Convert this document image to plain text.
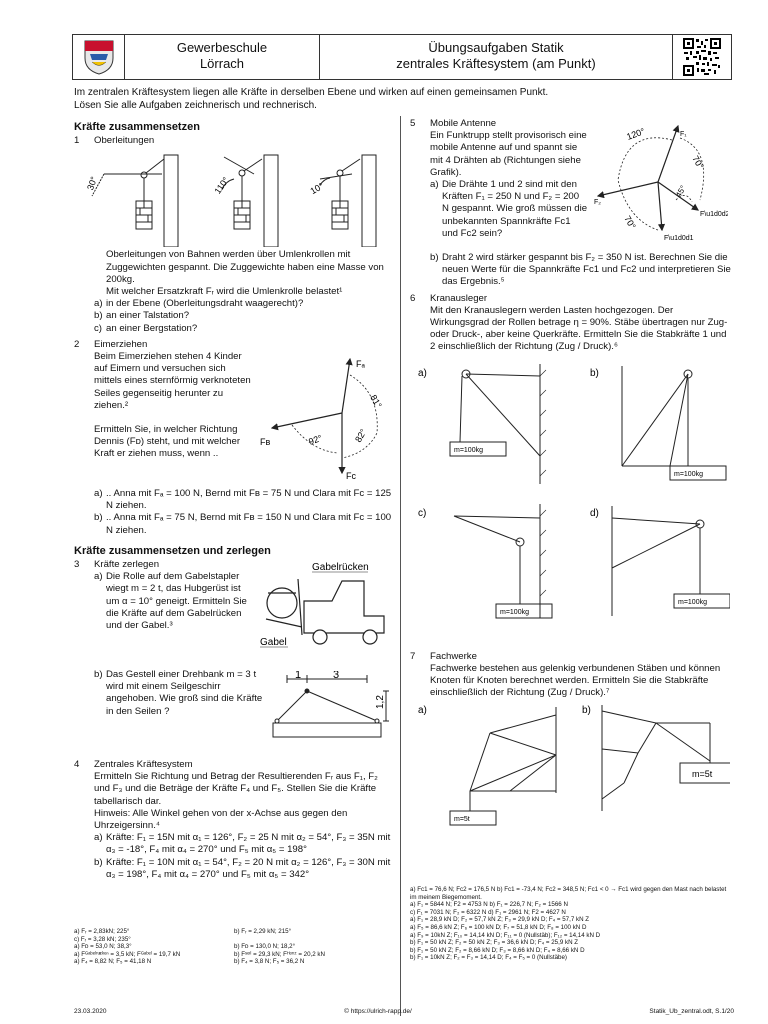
Gewerbeschule
Lörrach
Übungsaufgaben Statik
zentrales Kräftesystem (am Punkt)
Im zentralen Kräftesystem liegen alle Kräfte in derselben Ebene und wirken auf einen gemeinsamen Punkt.
Lösen Sie alle Aufgaben zeichnerisch und rechnerisch.
Kräfte zusammensetzen
1 Oberleitungen
30°	110°	10°
Oberleitungen von Bahnen werden über Umlenkrollen mit Zuggewichten gespannt. Die Zuggewichte haben eine Masse von 200kg.
Mit welcher Ersatzkraft Fᵣ wird die Umlenkrolle belastet¹
a) in der Ebene (Oberleitungsdraht waagerecht)?
b) an einer Talstation?
c) an einer Bergstation?
2 Eimerziehen
Beim Eimerziehen stehen 4 Kinder auf Eimern und versuchen sich mittels eines sternförmig verknoteten Seiles gegenseitig herunter zu ziehen.²
Ermitteln Sie, in welcher Richtung Dennis (Fᴅ) steht, und mit welcher Kraft er ziehen muss, wenn ..
Fₐ
Fʙ
Fᴄ
81°
92°	82°
a) .. Anna mit Fₐ = 100 N, Bernd mit Fʙ = 75 N und Clara mit Fᴄ = 125 N ziehen.
b) .. Anna mit Fₐ = 75 N, Bernd mit Fʙ = 150 N und Clara mit Fᴄ = 100 N ziehen.
Kräfte zusammensetzen und zerlegen
3 Kräfte zerlegen
a) Die Rolle auf dem Gabelstapler wiegt m = 2 t, das Hubgerüst ist um α = 10° geneigt. Ermitteln Sie die Kräfte auf dem Gabelrücken und der Gabel.³
Gabelrücken
Gabel
b) Das Gestell einer Drehbank m = 3 t wird mit einem Seilgeschirr angehoben. Wie groß sind die Kräfte in den Seilen ?
1	3
1,2
4 Zentrales Kräftesystem
Ermitteln Sie Richtung und Betrag der Resultierenden Fᵣ aus F₁, F₂ und F₃ und die Beträge der Kräfte F₄ und F₅. Stellen Sie die Kräfte tabellarisch dar.
Hinweis: Alle Winkel gehen von der x-Achse aus gegen den Uhrzeigersinn.⁴
a) Kräfte: F₁ = 15N mit α₁ = 126°, F₂ = 25 N mit α₂ = 54°, F₃ = 35N mit α₃ = -18°, F₄ mit α₄ = 270° und F₅ mit α₅ = 198°
b) Kräfte: F₁ = 10N mit α₁ = 54°, F₂ = 20 N mit α₂ = 126°, F₃ = 30N mit α₃ = 198°, F₄ mit α₄ = 270° und F₅ mit α₅ = 342°
5 Mobile Antenne
Ein Funktrupp stellt provisorisch eine mobile Antenne auf und spannt sie mit 4 Drähten ab (Richtungen siehe Grafik).
a) Die Drähte 1 und 2 sind mit den Kräften F₁ = 250 N und F₂ = 200 N gespannt. Wie groß müssen die unbekannten Spannkräfte Fᴄ1 und Fᴄ2 sein?
120°
70°
70°
45°
F₁
F₂
F\u1d0d2
F\u1d0d1
b) Draht 2 wird stärker gespannt bis F₂ = 350 N ist. Berechnen Sie die neuen Werte für die Spannkräfte Fᴄ1 und Fᴄ2 und interpretieren Sie das Ergebnis.⁵
6 Kranausleger
Mit den Kranauslegern werden Lasten hochgezogen. Der Wirkungsgrad der Rollen betrage η = 90%. Stäbe übertragen nur Zug- oder Druck-, aber keine Querkräfte. Ermitteln Sie die Stabkräfte 1 und 2 einschließlich der Richtung (Zug / Druck).⁶
a)	b)
c)	d)
m=100kg
m=100kg
m=100kg
m=100kg
7 Fachwerke
Fachwerke bestehen aus gelenkig verbundenen Stäben und können Knoten für Knoten berechnet werden. Ermitteln Sie die Stabkräfte einschließlich der Richtung (Zug / Druck).⁷
a)	b)
m=5t
m=5t
a) Fᴄ1 = 76,6 N; Fᴄ2 = 176,5 N b) Fᴄ1 = -73,4 N; Fᴄ2 = 348,5 N; Fᴄ1 < 0 → Fᴄ1 wird gegen den Mast nach belastet im meinem Biegemoment.
a) F₁ = 5844 N; F2 = 4753 N b) F₁ = 226,7 N; F₂ = 1566 N
c) F₁ = 7031 N; F₂ = 6322 N d) F₁ = 2961 N; F2 = 4627 N
a) F₁ = 28,9 kN D; F₂ = 57,7 kN Z; F₃ = 29,9 kN D; F₄ = 57,7 kN Z
a) F₅ = 86,6 kN Z; F₆ = 100 kN D; F₇ = 51,8 kN D; F₈ = 100 kN D
a) F₉ = 10kN Z; F₁₀ = 14,14 kN D; F₁₁ = 0 (Nullstäb); F₁₂ = 14,14 kN D
b) F₁ = 50 kN Z; F₂ = 50 kN Z; F₃ = 36,6 kN D; F₄ = 25,9 kN Z
b) F₁ = 50 kN Z; F₂ = 8,66 kN D; F₃ = 8,66 kN D; F₄ = 8,66 kN D
b) F₁ = 10kN Z; F₂ = F₃ = 14,14 D; F₄ = F₅ = 0 (Nullstäbe)
a) Fᵣ = 2,83kN; 225°	b) Fᵣ = 2,29 kN; 215°
c) Fᵣ = 3,28 kN; 235°
a) Fᴅ = 53,0 N; 38,3°	b) Fᴅ = 130,0 N; 18,2°
a) Fᴳᵃᵇᵉˡʳᵘͤᶜᵏᵉⁿ = 3,5 kN; Fᴳᵃᵇᵉˡ = 19,7 kN	b) Fˢᵉᶦˡ = 29,3 kN; Fᴴᵒʳᶦᶻ = 20,2 kN
a) F₄ = 8,82 N; F₅ = 41,18 N	b) F₄ = 3,8 N; F₅ = 36,2 N
23.03.2020	© https://ulrich-rapp.de/	Statik_Ub_zentral.odt, S.1/20
